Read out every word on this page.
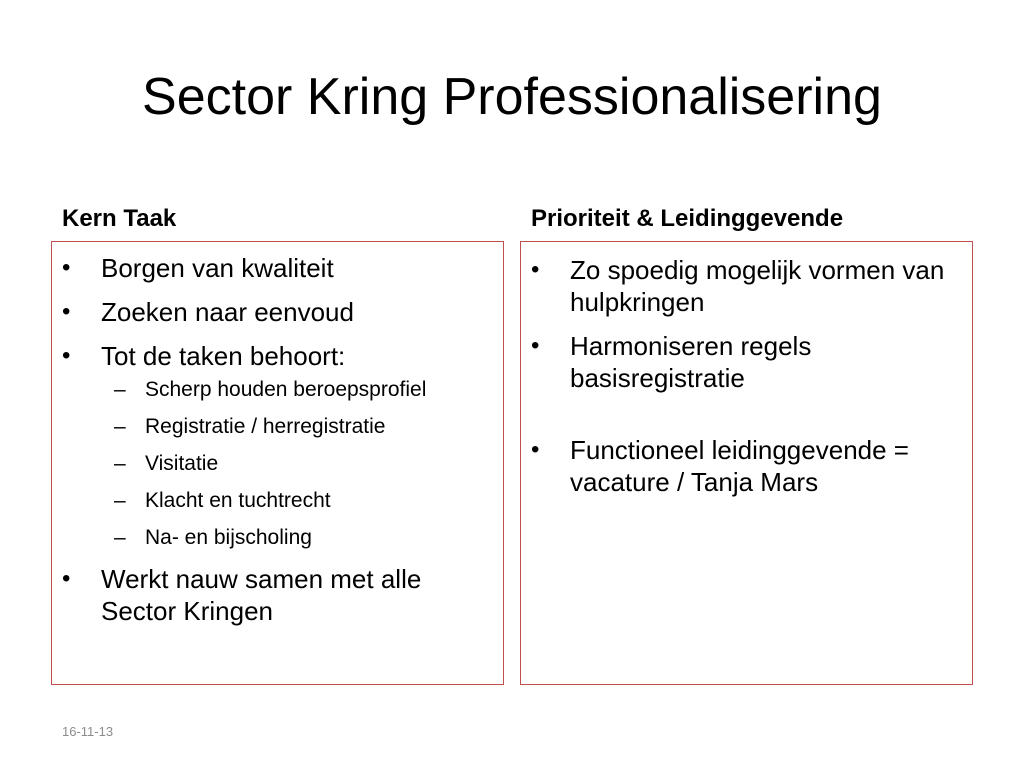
Sector Kring Professionalisering
Kern Taak	Prioriteit & Leidinggevende
• Borgen van kwaliteit
• Zoeken naar eenvoud
• Tot de taken behoort:
– Scherp houden beroepsprofiel
– Registratie / herregistratie
– Visitatie
– Klacht en tuchtrecht
– Na- en bijscholing
• Werkt nauw samen met alle Sector Kringen
• Zo spoedig mogelijk vormen van hulpkringen
• Harmoniseren regels basisregistratie
• Functioneel leidinggevende = vacature / Tanja Mars
16-11-13
